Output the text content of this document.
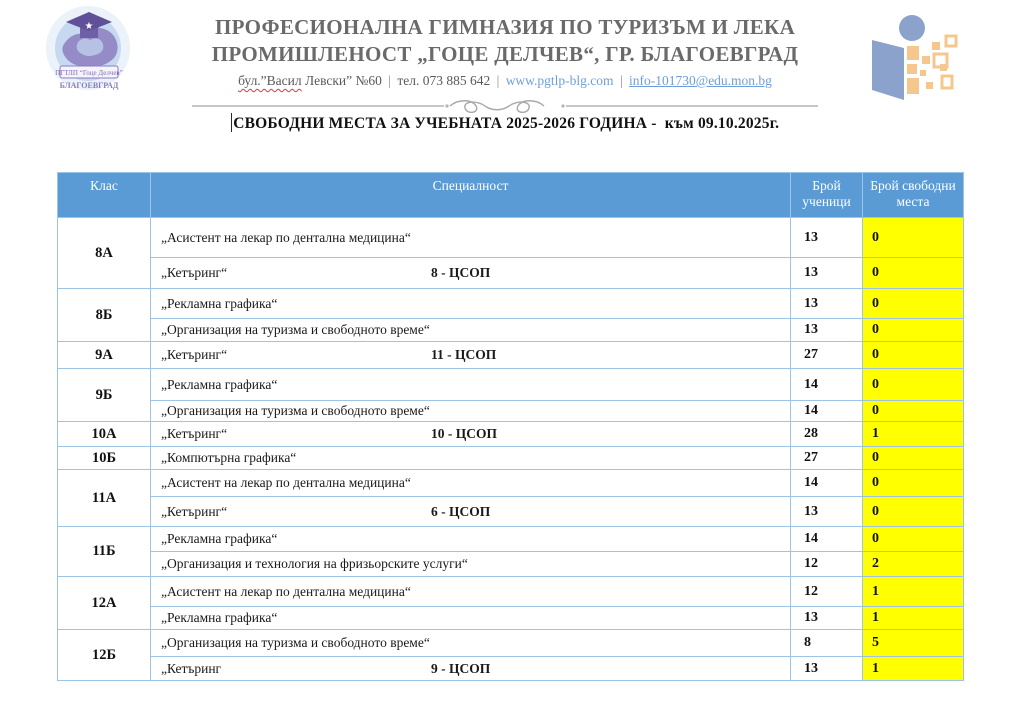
★
ПГТЛП “Гоце Делчев”
БЛАГОЕВГРАД
ПРОФЕСИОНАЛНА ГИМНАЗИЯ ПО ТУРИЗЪМ И ЛЕКА
ПРОМИШЛЕНОСТ „ГОЦЕ ДЕЛЧЕВ“, ГР. БЛАГОЕВГРАД
бул.”Васил Левски” №60 | тел. 073 885 642 | www.pgtlp-blg.com | info-101730@edu.mon.bg
СВОБОДНИ МЕСТА ЗА УЧЕБНАТА 2025-2026 ГОДИНА -  към 09.10.2025г.
Клас	Специалност	Брой ученици	Брой свободни места
8А	„Асистент на лекар по дентална медицина“	13	0
	„Кетъринг“ 8 - ЦСОП	13	0
8Б	„Рекламна графика“	13	0
	„Организация на туризма и свободното време“	13	0
9А	„Кетъринг“ 11 - ЦСОП	27	0
9Б	„Рекламна графика“	14	0
	„Организация на туризма и свободното време“	14	0
10А	„Кетъринг“ 10 - ЦСОП	28	1
10Б	„Компютърна графика“	27	0
11А	„Асистент на лекар по дентална медицина“	14	0
	„Кетъринг“ 6 - ЦСОП	13	0
11Б	„Рекламна графика“	14	0
	„Организация и технология на фризьорските услуги“	12	2
12А	„Асистент на лекар по дентална медицина“	12	1
	„Рекламна графика“	13	1
12Б	„Организация на туризма и свободното време“	8	5
	„Кетъринг 9 - ЦСОП	13	1
